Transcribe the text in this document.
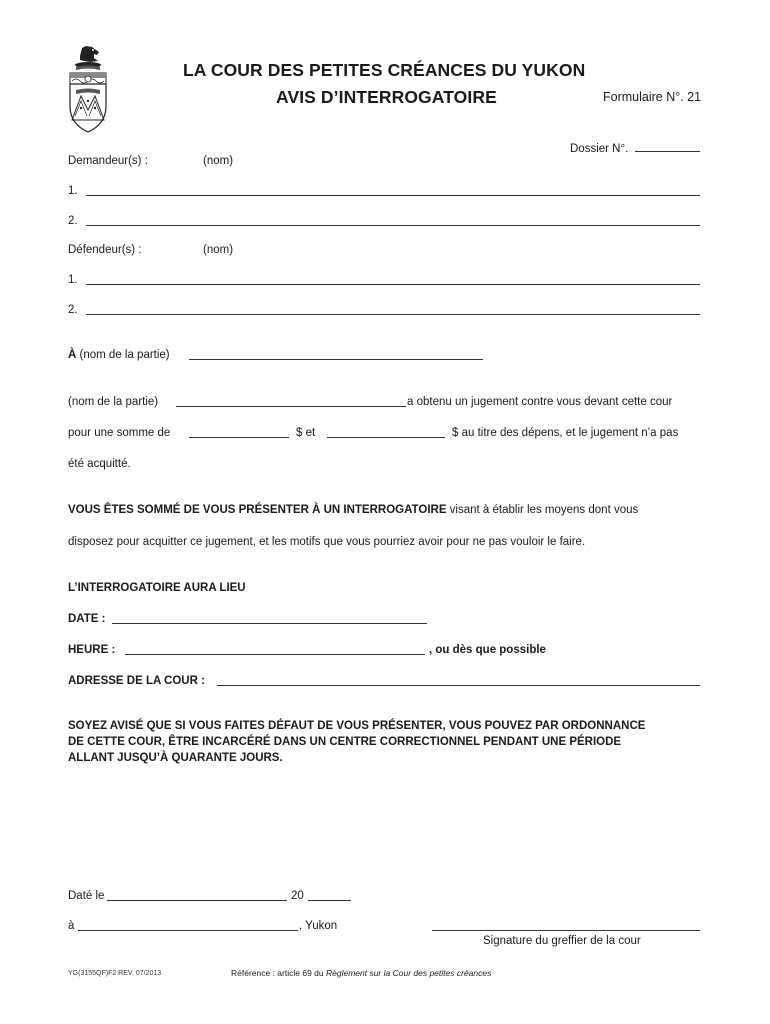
LA COUR DES PETITES CRÉANCES DU YUKON
AVIS D’INTERROGATOIRE	Formulaire N°. 21
Dossier N°.
Demandeur(s) :	(nom)
1.
2.
Défendeur(s) :	(nom)
1.
2.
À (nom de la partie)
(nom de la partie)	a obtenu un jugement contre vous devant cette cour
pour une somme de	$ et	$ au titre des dépens, et le jugement n’a pas
été acquitté.
VOUS ÊTES SOMMÉ DE VOUS PRÉSENTER À UN INTERROGATOIRE visant à établir les moyens dont vous
disposez pour acquitter ce jugement, et les motifs que vous pourriez avoir pour ne pas vouloir le faire.
L’INTERROGATOIRE AURA LIEU
DATE :
HEURE :	, ou dès que possible
ADRESSE DE LA COUR :
SOYEZ AVISÉ QUE SI VOUS FAITES DÉFAUT DE VOUS PRÉSENTER, VOUS POUVEZ PAR ORDONNANCE
DE CETTE COUR, ÊTRE INCARCÉRÉ DANS UN CENTRE CORRECTIONNEL PENDANT UNE PÉRIODE
ALLANT JUSQU’À QUARANTE JOURS.
Daté le	20
à	, Yukon
Signature du greffier de la cour
YG(3155QF)F2 REV. 07/2013	Référence : article 69 du Règlement sur la Cour des petites créances
